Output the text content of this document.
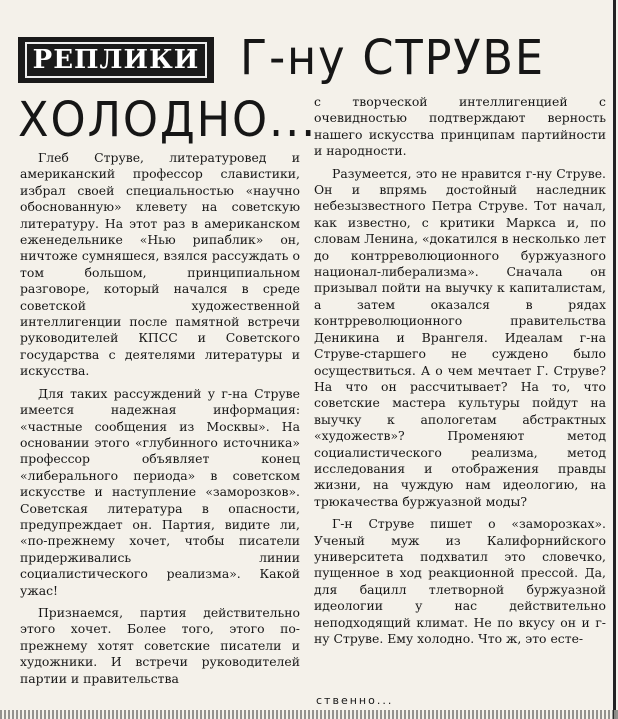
РЕПЛИКИ Г-ну СТРУВЕ
ХОЛОДНО...

Глеб Струве, литературовед и американский профессор славистики, избрал своей специальностью «научно обоснованную» клевету на советскую литературу. На этот раз в американском еженедельнике «Нью рипаблик» он, ничтоже сумняшеся, взялся рассуждать о том большом, принципиальном разговоре, который начался в среде советской художественной интеллигенции после памятной встречи руководителей КПСС и Советского государства с деятелями литературы и искусства.

Для таких рассуждений у г-на Струве имеется надежная информация: «частные сообщения из Москвы». На основании этого «глубинного источника» профессор объявляет конец «либерального периода» в советском искусстве и наступление «заморозков». Советская литература в опасности, предупреждает он. Партия, видите ли, «по-прежнему хочет, чтобы писатели придерживались линии социалистического реализма». Какой ужас!

Признаемся, партия действительно этого хочет. Более того, этого по-прежнему хотят советские писатели и художники. И встречи руководителей партии и правительства

с творческой интеллигенцией с очевидностью подтверждают верность нашего искусства принципам партийности и народности.

Разумеется, это не нравится г-ну Струве. Он и впрямь достойный наследник небезызвестного Петра Струве. Тот начал, как известно, с критики Маркса и, по словам Ленина, «докатился в несколько лет до контрреволюционного буржуазного национал-либерализма». Сначала он призывал пойти на выучку к капиталистам, а затем оказался в рядах контрреволюционного правительства Деникина и Врангеля. Идеалам г-на Струве-старшего не суждено было осуществиться. А о чем мечтает Г. Струве? На что он рассчитывает? На то, что советские мастера культуры пойдут на выучку к апологетам абстрактных «художеств»? Променяют метод социалистического реализма, метод исследования и отображения правды жизни, на чуждую нам идеологию, на трюкачества буржуазной моды?

Г-н Струве пишет о «заморозках». Ученый муж из Калифорнийского университета подхватил это словечко, пущенное в ход реакционной прессой. Да, для бацилл тлетворной буржуазной идеологии у нас действительно неподходящий климат. Не по вкусу он и г-ну Струве. Ему холодно. Что ж, это есте-

ственно...
